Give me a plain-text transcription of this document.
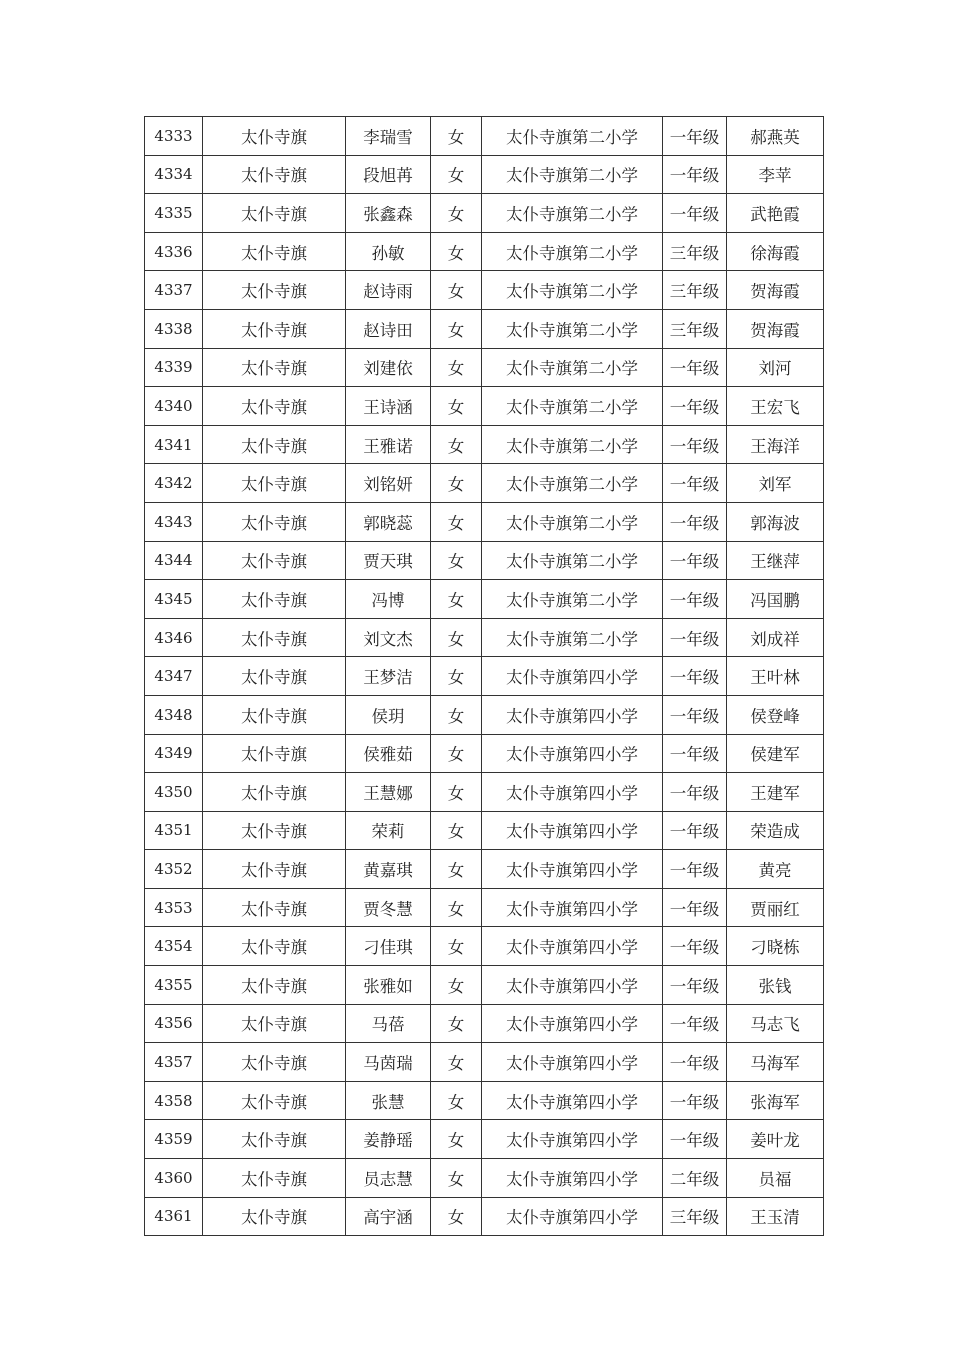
4333	太仆寺旗	李瑞雪	女	太仆寺旗第二小学	一年级	郝燕英
4334	太仆寺旗	段旭苒	女	太仆寺旗第二小学	一年级	李苹
4335	太仆寺旗	张鑫森	女	太仆寺旗第二小学	一年级	武艳霞
4336	太仆寺旗	孙敏	女	太仆寺旗第二小学	三年级	徐海霞
4337	太仆寺旗	赵诗雨	女	太仆寺旗第二小学	三年级	贺海霞
4338	太仆寺旗	赵诗田	女	太仆寺旗第二小学	三年级	贺海霞
4339	太仆寺旗	刘建依	女	太仆寺旗第二小学	一年级	刘河
4340	太仆寺旗	王诗涵	女	太仆寺旗第二小学	一年级	王宏飞
4341	太仆寺旗	王雅诺	女	太仆寺旗第二小学	一年级	王海洋
4342	太仆寺旗	刘铭妍	女	太仆寺旗第二小学	一年级	刘军
4343	太仆寺旗	郭晓蕊	女	太仆寺旗第二小学	一年级	郭海波
4344	太仆寺旗	贾天琪	女	太仆寺旗第二小学	一年级	王继萍
4345	太仆寺旗	冯博	女	太仆寺旗第二小学	一年级	冯国鹏
4346	太仆寺旗	刘文杰	女	太仆寺旗第二小学	一年级	刘成祥
4347	太仆寺旗	王梦洁	女	太仆寺旗第四小学	一年级	王叶林
4348	太仆寺旗	侯玥	女	太仆寺旗第四小学	一年级	侯登峰
4349	太仆寺旗	侯雅茹	女	太仆寺旗第四小学	一年级	侯建军
4350	太仆寺旗	王慧娜	女	太仆寺旗第四小学	一年级	王建军
4351	太仆寺旗	荣莉	女	太仆寺旗第四小学	一年级	荣造成
4352	太仆寺旗	黄嘉琪	女	太仆寺旗第四小学	一年级	黄亮
4353	太仆寺旗	贾冬慧	女	太仆寺旗第四小学	一年级	贾丽红
4354	太仆寺旗	刁佳琪	女	太仆寺旗第四小学	一年级	刁晓栋
4355	太仆寺旗	张雅如	女	太仆寺旗第四小学	一年级	张钱
4356	太仆寺旗	马蓓	女	太仆寺旗第四小学	一年级	马志飞
4357	太仆寺旗	马茵瑞	女	太仆寺旗第四小学	一年级	马海军
4358	太仆寺旗	张慧	女	太仆寺旗第四小学	一年级	张海军
4359	太仆寺旗	姜静瑶	女	太仆寺旗第四小学	一年级	姜叶龙
4360	太仆寺旗	员志慧	女	太仆寺旗第四小学	二年级	员福
4361	太仆寺旗	高宇涵	女	太仆寺旗第四小学	三年级	王玉清
